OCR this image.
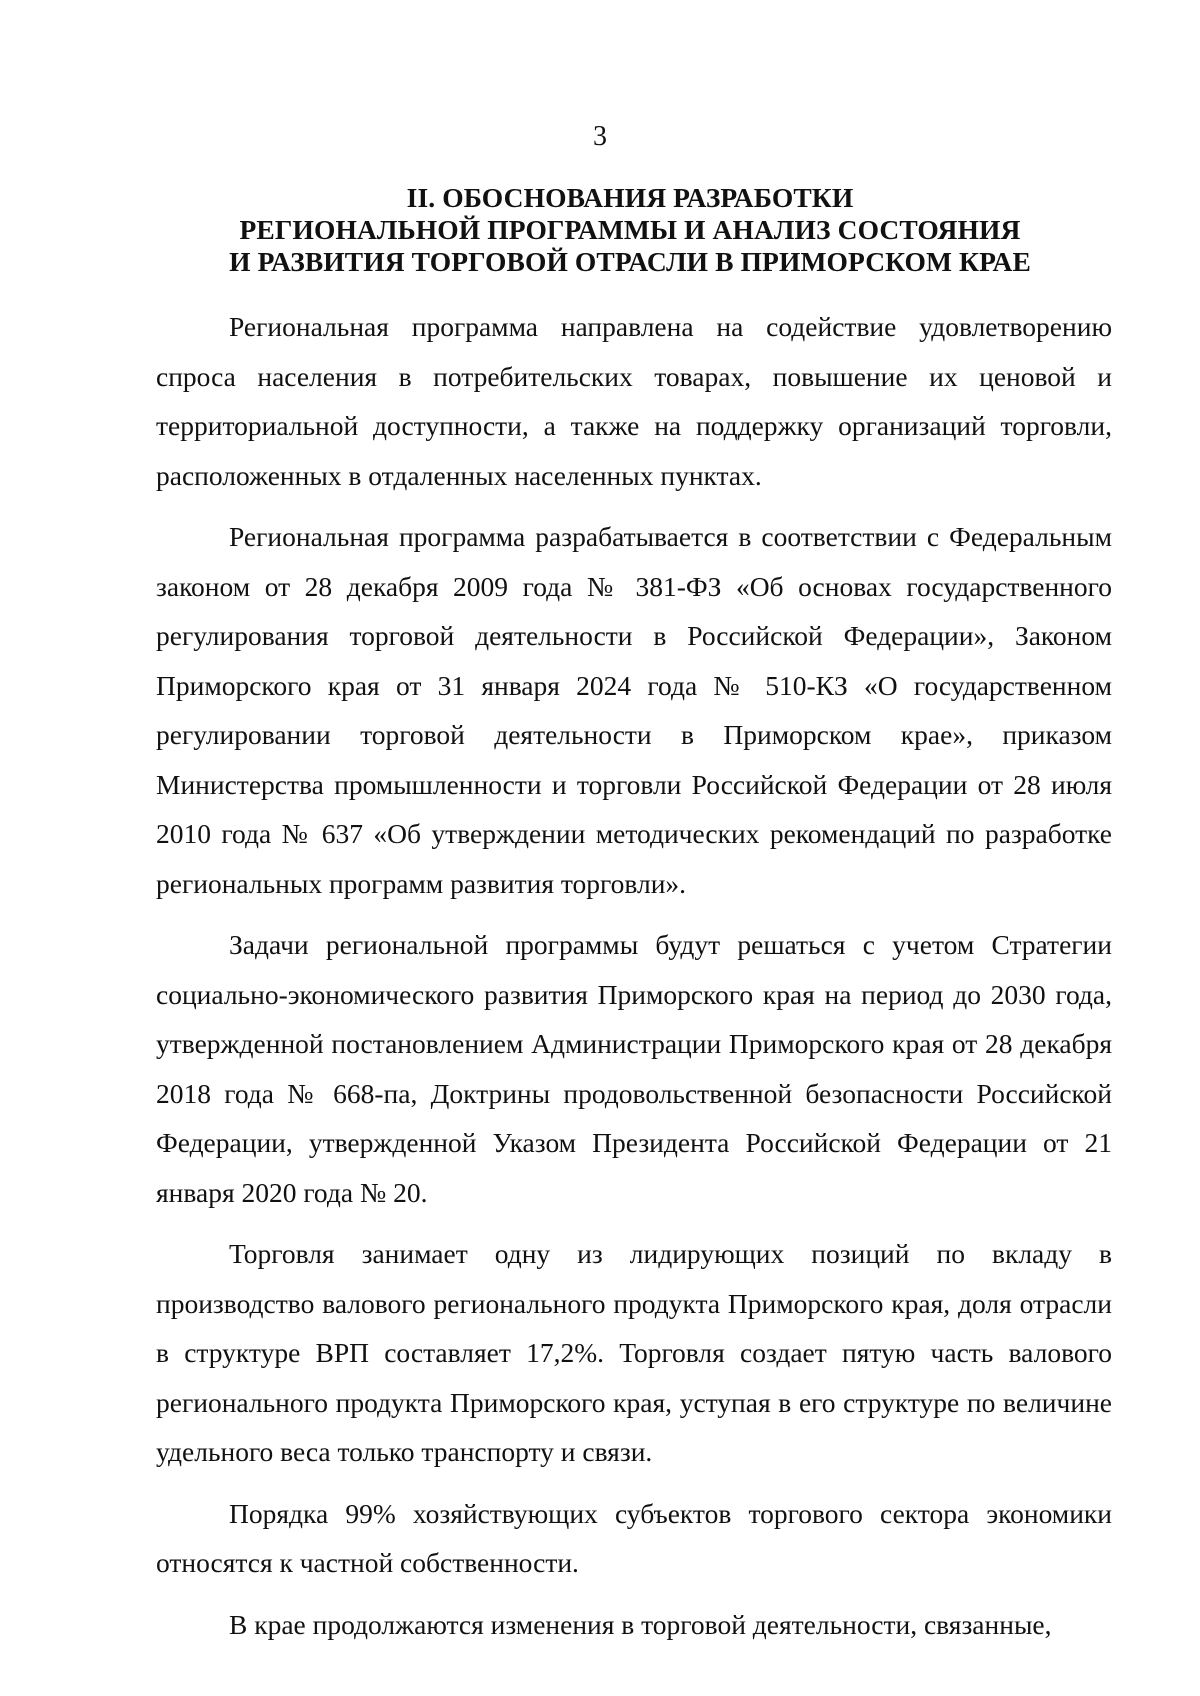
3
II. ОБОСНОВАНИЯ РАЗРАБОТКИ
РЕГИОНАЛЬНОЙ ПРОГРАММЫ И АНАЛИЗ СОСТОЯНИЯ
И РАЗВИТИЯ ТОРГОВОЙ ОТРАСЛИ В ПРИМОРСКОМ КРАЕ

Региональная программа направлена на содействие удовлетворению спроса населения в потребительских товарах, повышение их ценовой и территориальной доступности, а также на поддержку организаций торговли, расположенных в отдаленных населенных пунктах.

Региональная программа разрабатывается в соответствии с Федеральным законом от 28 декабря 2009 года № 381-ФЗ «Об основах государственного регулирования торговой деятельности в Российской Федерации», Законом Приморского края от 31 января 2024 года № 510-КЗ «О государственном регулировании торговой деятельности в Приморском крае», приказом Министерства промышленности и торговли Российской Федерации от 28 июля 2010 года № 637 «Об утверждении методических рекомендаций по разработке региональных программ развития торговли».

Задачи региональной программы будут решаться с учетом Стратегии социально-экономического развития Приморского края на период до 2030 года, утвержденной постановлением Администрации Приморского края от 28 декабря 2018 года № 668-па, Доктрины продовольственной безопасности Российской Федерации, утвержденной Указом Президента Российской Федерации от 21 января 2020 года № 20.

Торговля занимает одну из лидирующих позиций по вкладу в производство валового регионального продукта Приморского края, доля отрасли в структуре ВРП составляет 17,2%. Торговля создает пятую часть валового регионального продукта Приморского края, уступая в его структуре по величине удельного веса только транспорту и связи.

Порядка 99% хозяйствующих субъектов торгового сектора экономики относятся к частной собственности.

В крае продолжаются изменения в торговой деятельности, связанные,
